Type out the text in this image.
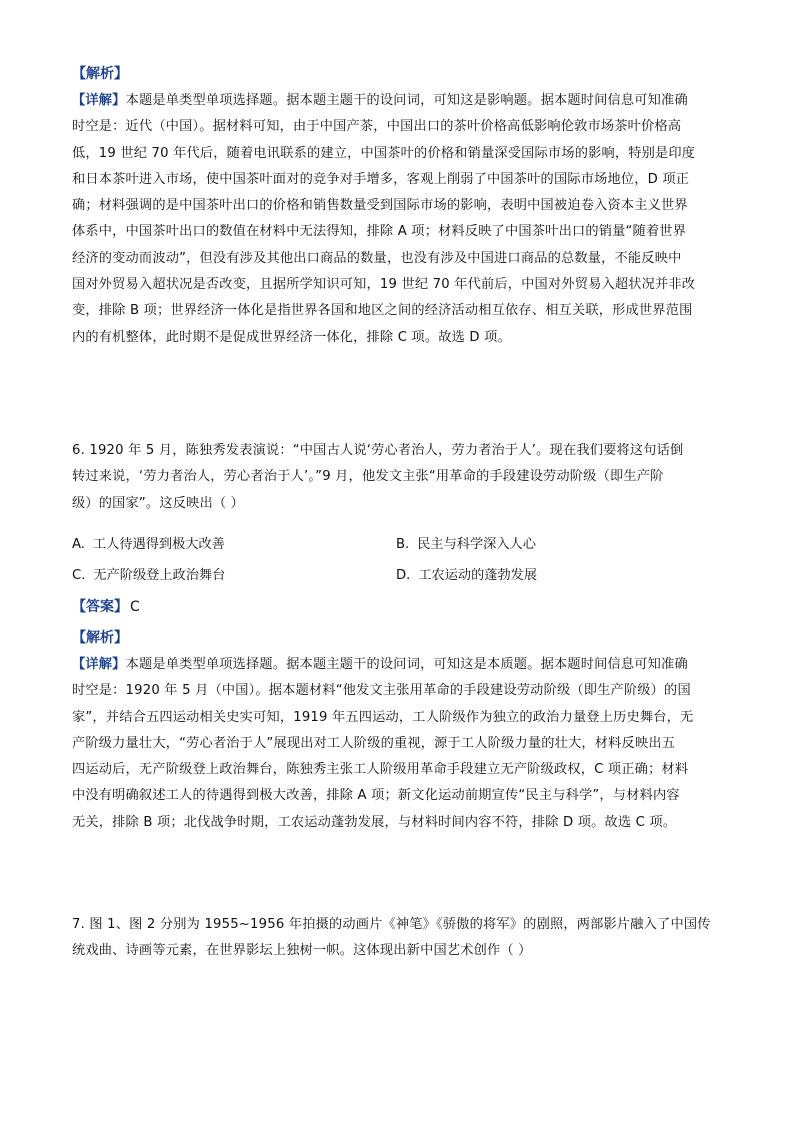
【解析】
【详解】本题是单类型单项选择题。据本题主题干的设问词，可知这是影响题。据本题时间信息可知准确
时空是：近代（中国）。据材料可知，由于中国产茶，中国出口的茶叶价格高低影响伦敦市场茶叶价格高
低，19 世纪 70 年代后，随着电讯联系的建立，中国茶叶的价格和销量深受国际市场的影响，特别是印度
和日本茶叶进入市场，使中国茶叶面对的竞争对手增多，客观上削弱了中国茶叶的国际市场地位，D 项正
确；材料强调的是中国茶叶出口的价格和销售数量受到国际市场的影响，表明中国被迫卷入资本主义世界
体系中，中国茶叶出口的数值在材料中无法得知，排除 A 项；材料反映了中国茶叶出口的销量“随着世界
经济的变动而波动”，但没有涉及其他出口商品的数量，也没有涉及中国进口商品的总数量，不能反映中
国对外贸易入超状况是否改变，且据所学知识可知，19 世纪 70 年代前后，中国对外贸易入超状况并非改
变，排除 B 项；世界经济一体化是指世界各国和地区之间的经济活动相互依存、相互关联，形成世界范围
内的有机整体，此时期不是促成世界经济一体化，排除 C 项。故选 D 项。
6. 1920 年 5 月，陈独秀发表演说：“中国古人说‘劳心者治人，劳力者治于人’。现在我们要将这句话倒
转过来说，‘劳力者治人，劳心者治于人’。”9 月，他发文主张“用革命的手段建设劳动阶级（即生产阶
级）的国家”。这反映出（ ）
A. 工人待遇得到极大改善	B. 民主与科学深入人心
C. 无产阶级登上政治舞台	D. 工农运动的蓬勃发展
【答案】 C
【解析】
【详解】本题是单类型单项选择题。据本题主题干的设问词，可知这是本质题。据本题时间信息可知准确
时空是：1920 年 5 月（中国）。据本题材料“他发文主张用革命的手段建设劳动阶级（即生产阶级）的国
家”，并结合五四运动相关史实可知，1919 年五四运动，工人阶级作为独立的政治力量登上历史舞台，无
产阶级力量壮大，“劳心者治于人”展现出对工人阶级的重视，源于工人阶级力量的壮大，材料反映出五
四运动后，无产阶级登上政治舞台，陈独秀主张工人阶级用革命手段建立无产阶级政权，C 项正确；材料
中没有明确叙述工人的待遇得到极大改善，排除 A 项；新文化运动前期宣传“民主与科学”，与材料内容
无关，排除 B 项；北伐战争时期，工农运动蓬勃发展，与材料时间内容不符，排除 D 项。故选 C 项。
7. 图 1、图 2 分别为 1955~1956 年拍摄的动画片《神笔》《骄傲的将军》的剧照，两部影片融入了中国传
统戏曲、诗画等元素，在世界影坛上独树一帜。这体现出新中国艺术创作（ ）
